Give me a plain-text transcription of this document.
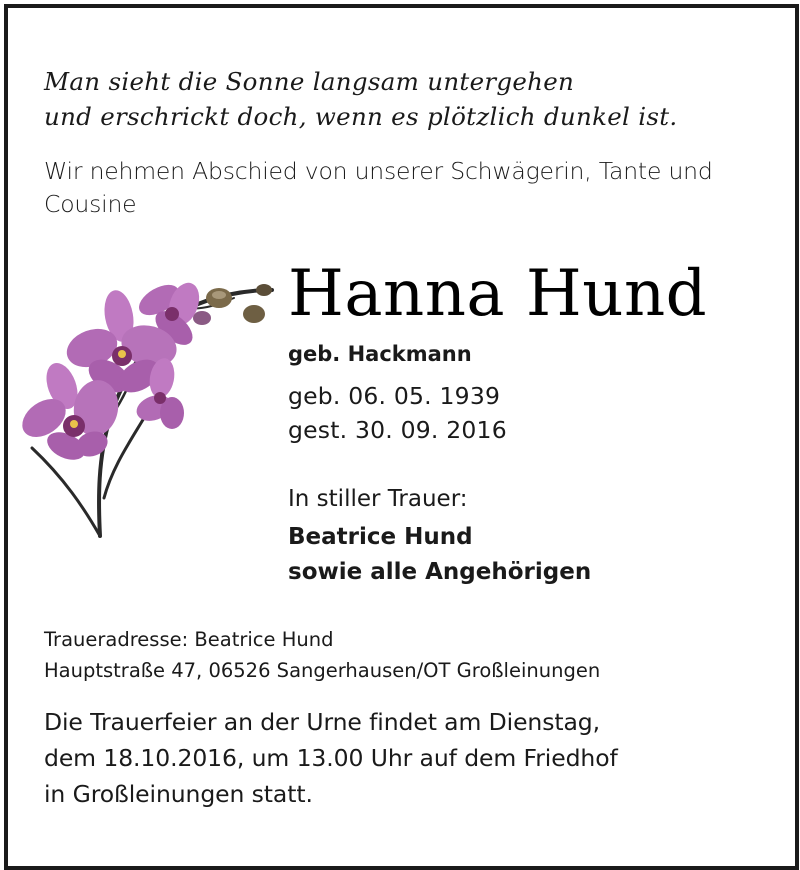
Man sieht die Sonne langsam untergehen
und erschrickt doch, wenn es plötzlich dunkel ist.
Wir nehmen Abschied von unserer Schwägerin, Tante und
Cousine
Hanna Hund
geb. Hackmann
geb. 06. 05. 1939
gest. 30. 09. 2016
In stiller Trauer:
Beatrice Hund
sowie alle Angehörigen
Traueradresse: Beatrice Hund
Hauptstraße 47, 06526 Sangerhausen/OT Großleinungen
Die Trauerfeier an der Urne findet am Dienstag,
dem 18.10.2016, um 13.00 Uhr auf dem Friedhof
in Großleinungen statt.
